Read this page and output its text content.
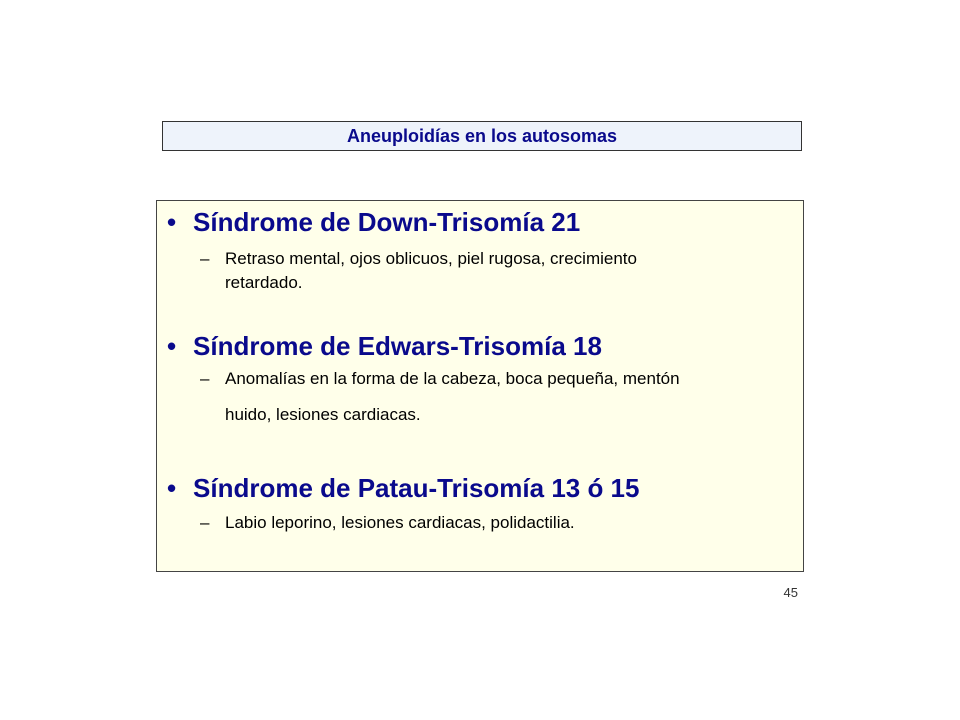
Aneuploidías en los autosomas
• Síndrome de Down-Trisomía 21
– Retraso mental, ojos oblicuos, piel rugosa, crecimiento
retardado.
• Síndrome de Edwars-Trisomía 18
– Anomalías en la forma de la cabeza, boca pequeña, mentón
huido, lesiones cardiacas.
• Síndrome de Patau-Trisomía 13 ó 15
– Labio leporino, lesiones cardiacas, polidactilia.
45
